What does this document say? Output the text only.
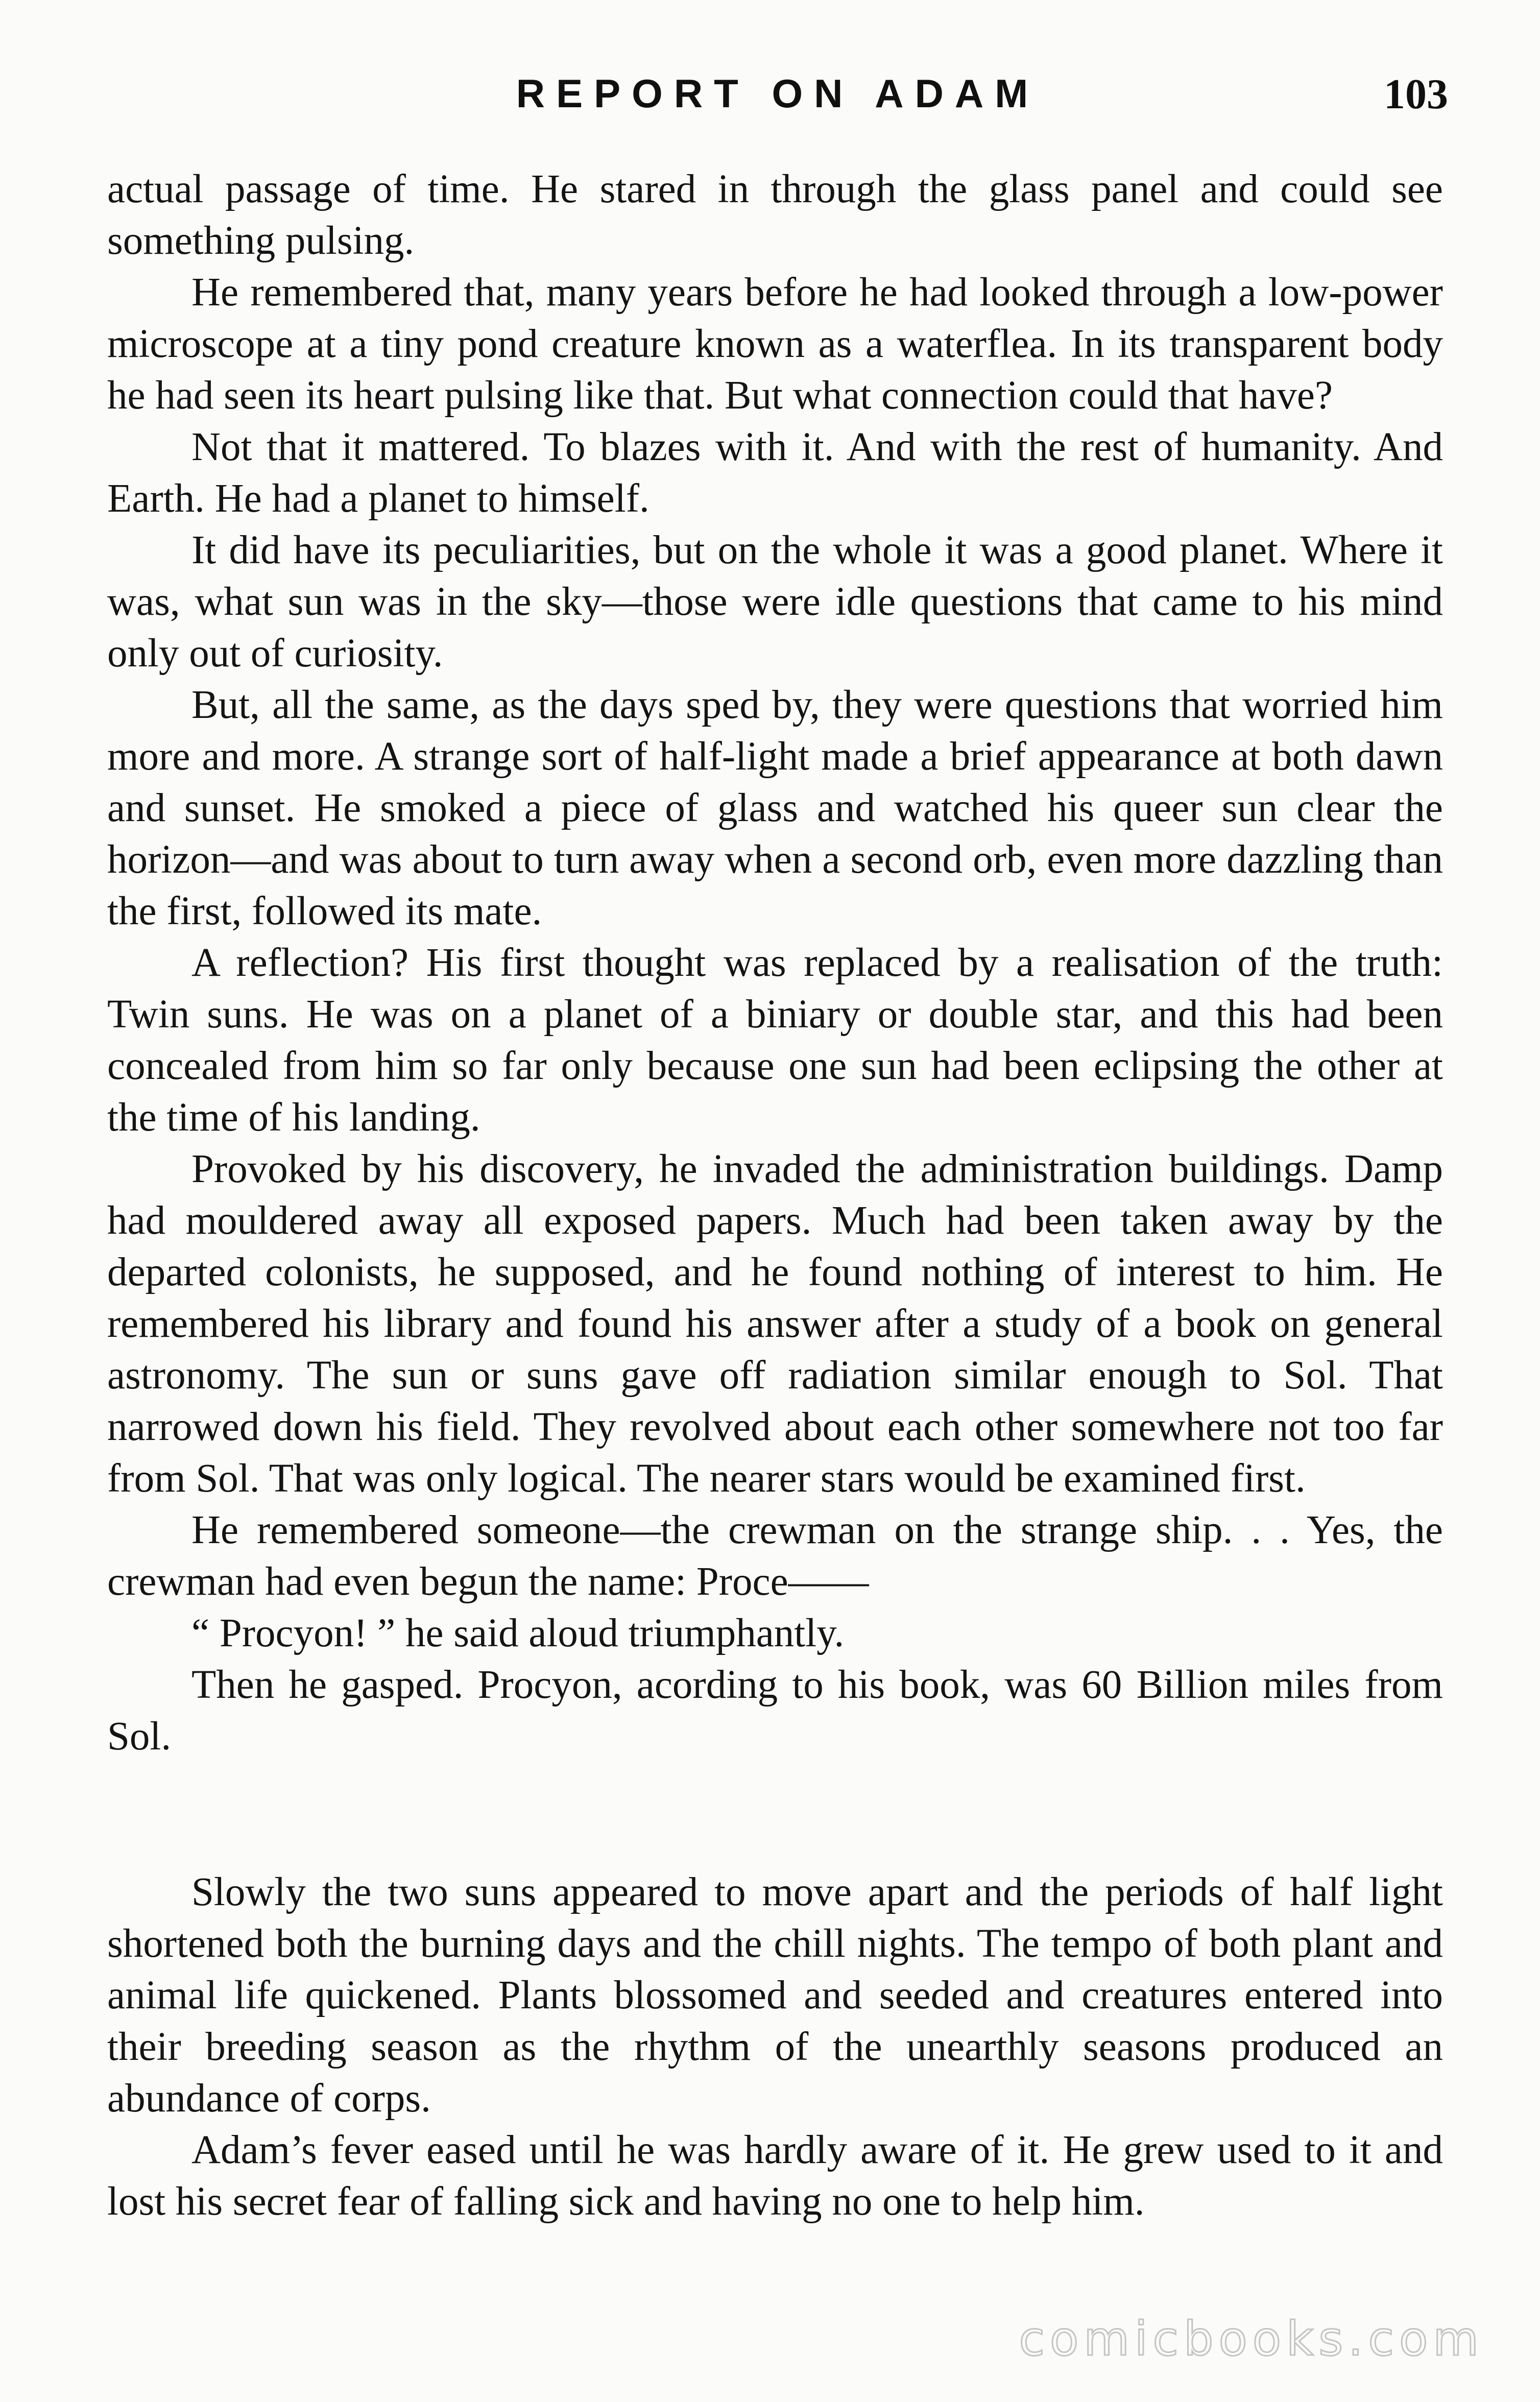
REPORT ON ADAM	103

actual passage of time. He stared in through the glass panel and could see something pulsing.

He remembered that, many years before he had looked through a low-power microscope at a tiny pond creature known as a waterflea. In its transparent body he had seen its heart pulsing like that. But what connection could that have?

Not that it mattered. To blazes with it. And with the rest of humanity. And Earth. He had a planet to himself.

It did have its peculiarities, but on the whole it was a good planet. Where it was, what sun was in the sky—those were idle questions that came to his mind only out of curiosity.

But, all the same, as the days sped by, they were questions that worried him more and more. A strange sort of half-light made a brief appearance at both dawn and sunset. He smoked a piece of glass and watched his queer sun clear the horizon—and was about to turn away when a second orb, even more dazzling than the first, followed its mate.

A reflection? His first thought was replaced by a realisation of the truth: Twin suns. He was on a planet of a biniary or double star, and this had been concealed from him so far only because one sun had been eclipsing the other at the time of his landing.

Provoked by his discovery, he invaded the administration buildings. Damp had mouldered away all exposed papers. Much had been taken away by the departed colonists, he supposed, and he found nothing of interest to him. He remembered his library and found his answer after a study of a book on general astronomy. The sun or suns gave off radiation similar enough to Sol. That narrowed down his field. They revolved about each other somewhere not too far from Sol. That was only logical. The nearer stars would be examined first.

He remembered someone—the crewman on the strange ship. . . Yes, the crewman had even begun the name: Proce——

“ Procyon! ” he said aloud triumphantly.

Then he gasped. Procyon, acording to his book, was 60 Billion miles from Sol.

Slowly the two suns appeared to move apart and the periods of half light shortened both the burning days and the chill nights. The tempo of both plant and animal life quickened. Plants blossomed and seeded and creatures entered into their breeding season as the rhythm of the unearthly seasons produced an abundance of corps.

Adam’s fever eased until he was hardly aware of it. He grew used to it and lost his secret fear of falling sick and having no one to help him.

comicbooks.com
